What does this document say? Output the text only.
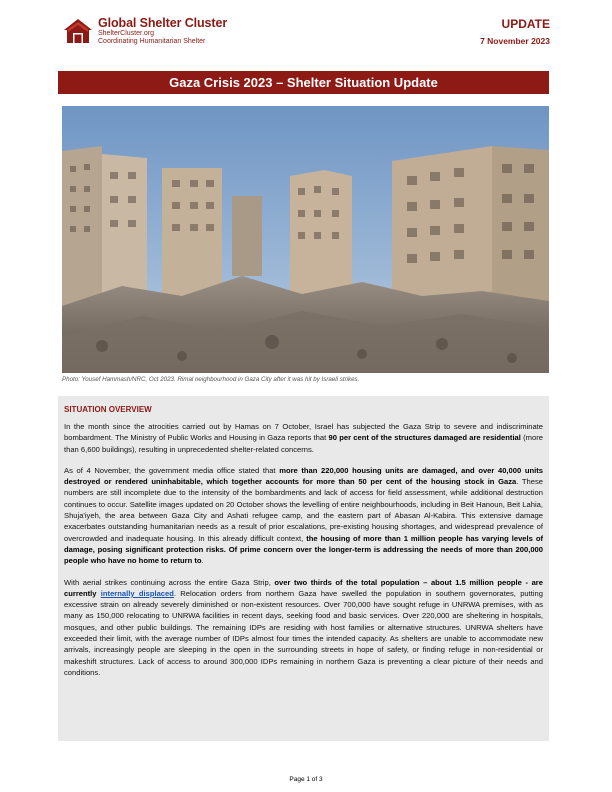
Global Shelter Cluster
ShelterCluster.org
Coordinating Humanitarian Shelter
UPDATE
7 November 2023
Gaza Crisis 2023 – Shelter Situation Update
Photo: Yousef Hammash/NRC, Oct 2023. Rimal neighbourhood in Gaza City after it was hit by Israeli strikes.
SITUATION OVERVIEW

In the month since the atrocities carried out by Hamas on 7 October, Israel has subjected the Gaza Strip to severe and indiscriminate bombardment. The Ministry of Public Works and Housing in Gaza reports that 90 per cent of the structures damaged are residential (more than 6,600 buildings), resulting in unprecedented shelter-related concerns.

As of 4 November, the government media office stated that more than 220,000 housing units are damaged, and over 40,000 units destroyed or rendered uninhabitable, which together accounts for more than 50 per cent of the housing stock in Gaza. These numbers are still incomplete due to the intensity of the bombardments and lack of access for field assessment, while additional destruction continues to occur. Satellite images updated on 20 October shows the levelling of entire neighbourhoods, including in Beit Hanoun, Beit Lahia, Shuja'iyeh, the area between Gaza City and Ashati refugee camp, and the eastern part of Abasan Al-Kabira. This extensive damage exacerbates outstanding humanitarian needs as a result of prior escalations, pre-existing housing shortages, and widespread prevalence of overcrowded and inadequate housing. In this already difficult context, the housing of more than 1 million people has varying levels of damage, posing significant protection risks. Of prime concern over the longer-term is addressing the needs of more than 200,000 people who have no home to return to.

With aerial strikes continuing across the entire Gaza Strip, over two thirds of the total population – about 1.5 million people - are currently internally displaced. Relocation orders from northern Gaza have swelled the population in southern governorates, putting excessive strain on already severely diminished or non-existent resources. Over 700,000 have sought refuge in UNRWA premises, with as many as 150,000 relocating to UNRWA facilities in recent days, seeking food and basic services. Over 220,000 are sheltering in hospitals, mosques, and other public buildings. The remaining IDPs are residing with host families or alternative structures. UNRWA shelters have exceeded their limit, with the average number of IDPs almost four times the intended capacity. As shelters are unable to accommodate new arrivals, increasingly people are sleeping in the open in the surrounding streets in hope of safety, or finding refuge in non-residential or makeshift structures. Lack of access to around 300,000 IDPs remaining in northern Gaza is preventing a clear picture of their needs and conditions.

Page 1 of 3
